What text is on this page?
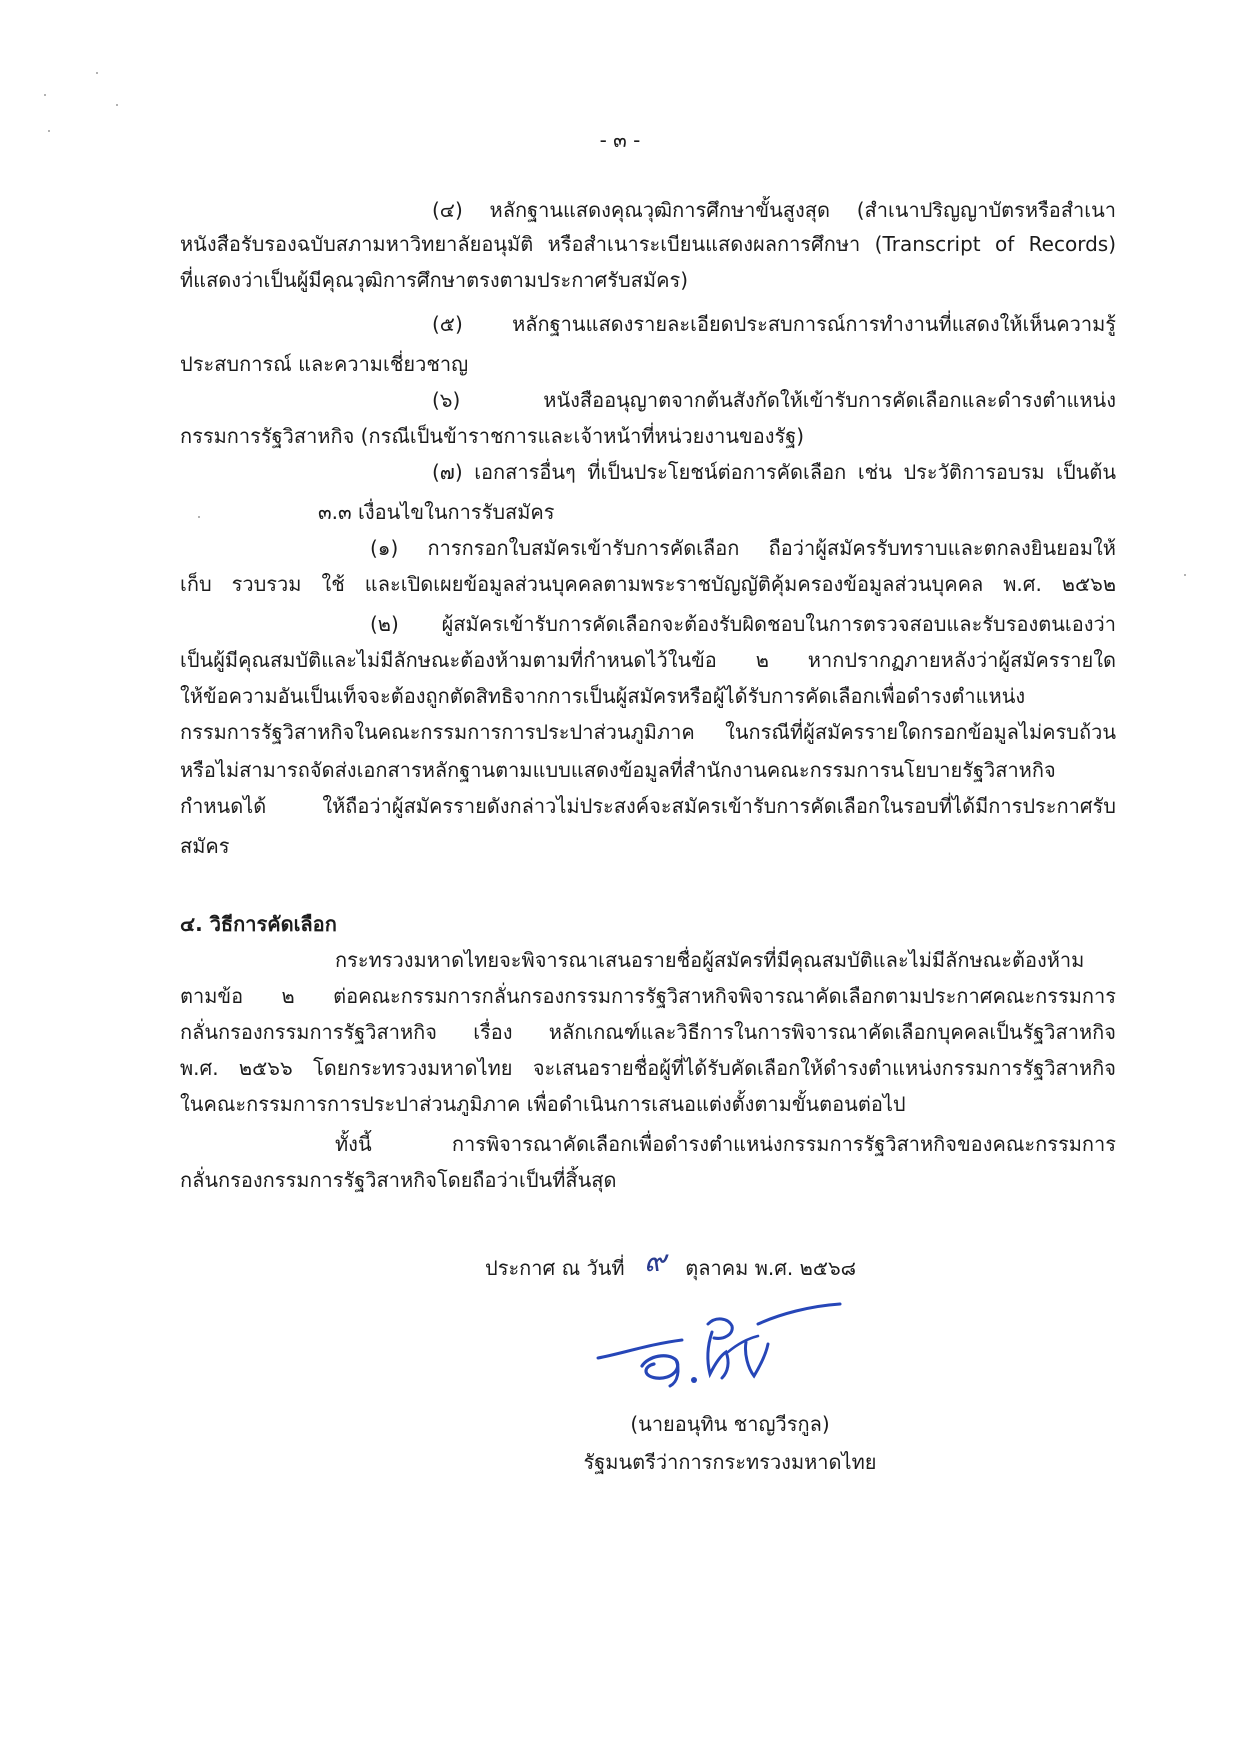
- ๓ -
(๔) หลักฐานแสดงคุณวุฒิการศึกษาขั้นสูงสุด (สำเนาปริญญาบัตรหรือสำเนา
หนังสือรับรองฉบับสภามหาวิทยาลัยอนุมัติ หรือสำเนาระเบียนแสดงผลการศึกษา (Transcript of Records)
ที่แสดงว่าเป็นผู้มีคุณวุฒิการศึกษาตรงตามประกาศรับสมัคร)
(๕) หลักฐานแสดงรายละเอียดประสบการณ์การทำงานที่แสดงให้เห็นความรู้
ประสบการณ์ และความเชี่ยวชาญ
(๖) หนังสืออนุญาตจากต้นสังกัดให้เข้ารับการคัดเลือกและดำรงตำแหน่ง
กรรมการรัฐวิสาหกิจ (กรณีเป็นข้าราชการและเจ้าหน้าที่หน่วยงานของรัฐ)
(๗) เอกสารอื่นๆ ที่เป็นประโยชน์ต่อการคัดเลือก เช่น ประวัติการอบรม เป็นต้น
๓.๓ เงื่อนไขในการรับสมัคร
(๑) การกรอกใบสมัครเข้ารับการคัดเลือก ถือว่าผู้สมัครรับทราบและตกลงยินยอมให้
เก็บ รวบรวม ใช้ และเปิดเผยข้อมูลส่วนบุคคลตามพระราชบัญญัติคุ้มครองข้อมูลส่วนบุคคล พ.ศ. ๒๕๖๒
(๒) ผู้สมัครเข้ารับการคัดเลือกจะต้องรับผิดชอบในการตรวจสอบและรับรองตนเองว่า
เป็นผู้มีคุณสมบัติและไม่มีลักษณะต้องห้ามตามที่กำหนดไว้ในข้อ ๒ หากปรากฏภายหลังว่าผู้สมัครรายใด
ให้ข้อความอันเป็นเท็จจะต้องถูกตัดสิทธิจากการเป็นผู้สมัครหรือผู้ได้รับการคัดเลือกเพื่อดำรงตำแหน่ง
กรรมการรัฐวิสาหกิจในคณะกรรมการการประปาส่วนภูมิภาค ในกรณีที่ผู้สมัครรายใดกรอกข้อมูลไม่ครบถ้วน
หรือไม่สามารถจัดส่งเอกสารหลักฐานตามแบบแสดงข้อมูลที่สำนักงานคณะกรรมการนโยบายรัฐวิสาหกิจ
กำหนดได้ ให้ถือว่าผู้สมัครรายดังกล่าวไม่ประสงค์จะสมัครเข้ารับการคัดเลือกในรอบที่ได้มีการประกาศรับ
สมัคร
๔. วิธีการคัดเลือก
กระทรวงมหาดไทยจะพิจารณาเสนอรายชื่อผู้สมัครที่มีคุณสมบัติและไม่มีลักษณะต้องห้าม
ตามข้อ ๒ ต่อคณะกรรมการกลั่นกรองกรรมการรัฐวิสาหกิจพิจารณาคัดเลือกตามประกาศคณะกรรมการ
กลั่นกรองกรรมการรัฐวิสาหกิจ เรื่อง หลักเกณฑ์และวิธีการในการพิจารณาคัดเลือกบุคคลเป็นรัฐวิสาหกิจ
พ.ศ. ๒๕๖๖ โดยกระทรวงมหาดไทย จะเสนอรายชื่อผู้ที่ได้รับคัดเลือกให้ดำรงตำแหน่งกรรมการรัฐวิสาหกิจ
ในคณะกรรมการการประปาส่วนภูมิภาค เพื่อดำเนินการเสนอแต่งตั้งตามขั้นตอนต่อไป
ทั้งนี้ การพิจารณาคัดเลือกเพื่อดำรงตำแหน่งกรรมการรัฐวิสาหกิจของคณะกรรมการ
กลั่นกรองกรรมการรัฐวิสาหกิจโดยถือว่าเป็นที่สิ้นสุด
ประกาศ ณ วันที่ ๙ ตุลาคม พ.ศ. ๒๕๖๘
(นายอนุทิน ชาญวีรกูล)
รัฐมนตรีว่าการกระทรวงมหาดไทย
